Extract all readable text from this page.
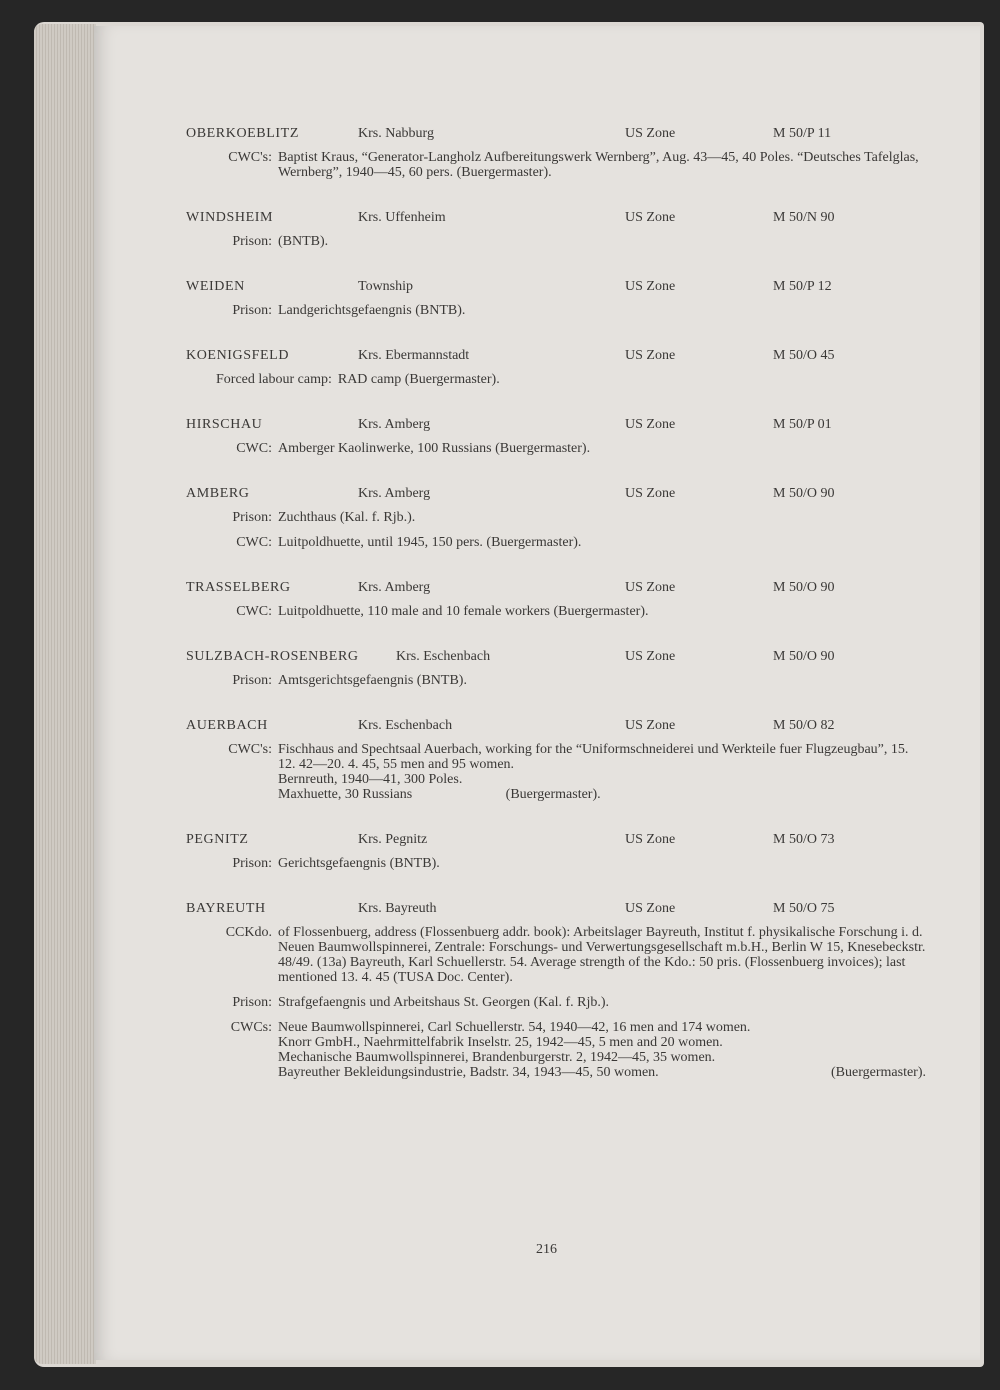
OBERKOEBLITZ	Krs. Nabburg	US Zone	M 50/P 11
CWC's: Baptist Kraus, “Generator-Langholz Aufbereitungswerk Wernberg”, Aug. 43—45, 40 Poles. “Deutsches Tafelglas, Wernberg”, 1940—45, 60 pers. (Buergermaster).
WINDSHEIM	Krs. Uffenheim	US Zone	M 50/N 90
Prison: (BNTB).
WEIDEN	Township	US Zone	M 50/P 12
Prison: Landgerichtsgefaengnis (BNTB).
KOENIGSFELD	Krs. Ebermannstadt	US Zone	M 50/O 45
Forced labour camp: RAD camp (Buergermaster).
HIRSCHAU	Krs. Amberg	US Zone	M 50/P 01
CWC: Amberger Kaolinwerke, 100 Russians (Buergermaster).
AMBERG	Krs. Amberg	US Zone	M 50/O 90
Prison: Zuchthaus (Kal. f. Rjb.).
CWC: Luitpoldhuette, until 1945, 150 pers. (Buergermaster).
TRASSELBERG	Krs. Amberg	US Zone	M 50/O 90
CWC: Luitpoldhuette, 110 male and 10 female workers (Buergermaster).
SULZBACH-ROSENBERG	Krs. Eschenbach	US Zone	M 50/O 90
Prison: Amtsgerichtsgefaengnis (BNTB).
AUERBACH	Krs. Eschenbach	US Zone	M 50/O 82
CWC's: Fischhaus and Spechtsaal Auerbach, working for the “Uniformschneiderei und Werkteile fuer Flugzeugbau”, 15. 12. 42—20. 4. 45, 55 men and 95 women.
Bernreuth, 1940—41, 300 Poles.
Maxhuette, 30 Russians	(Buergermaster).
PEGNITZ	Krs. Pegnitz	US Zone	M 50/O 73
Prison: Gerichtsgefaengnis (BNTB).
BAYREUTH	Krs. Bayreuth	US Zone	M 50/O 75
CCKdo. of Flossenbuerg, address (Flossenbuerg addr. book): Arbeitslager Bayreuth, Institut f. physikalische Forschung i. d. Neuen Baumwollspinnerei, Zentrale: Forschungs- und Verwertungsgesellschaft m.b.H., Berlin W 15, Knesebeckstr. 48/49. (13a) Bayreuth, Karl Schuellerstr. 54. Average strength of the Kdo.: 50 pris. (Flossenbuerg invoices); last mentioned 13. 4. 45 (TUSA Doc. Center).
Prison: Strafgefaengnis und Arbeitshaus St. Georgen (Kal. f. Rjb.).
CWCs: Neue Baumwollspinnerei, Carl Schuellerstr. 54, 1940—42, 16 men and 174 women.
Knorr GmbH., Naehrmittelfabrik Inselstr. 25, 1942—45, 5 men and 20 women.
Mechanische Baumwollspinnerei, Brandenburgerstr. 2, 1942—45, 35 women.
Bayreuther Bekleidungsindustrie, Badstr. 34, 1943—45, 50 women.	(Buergermaster).
216
